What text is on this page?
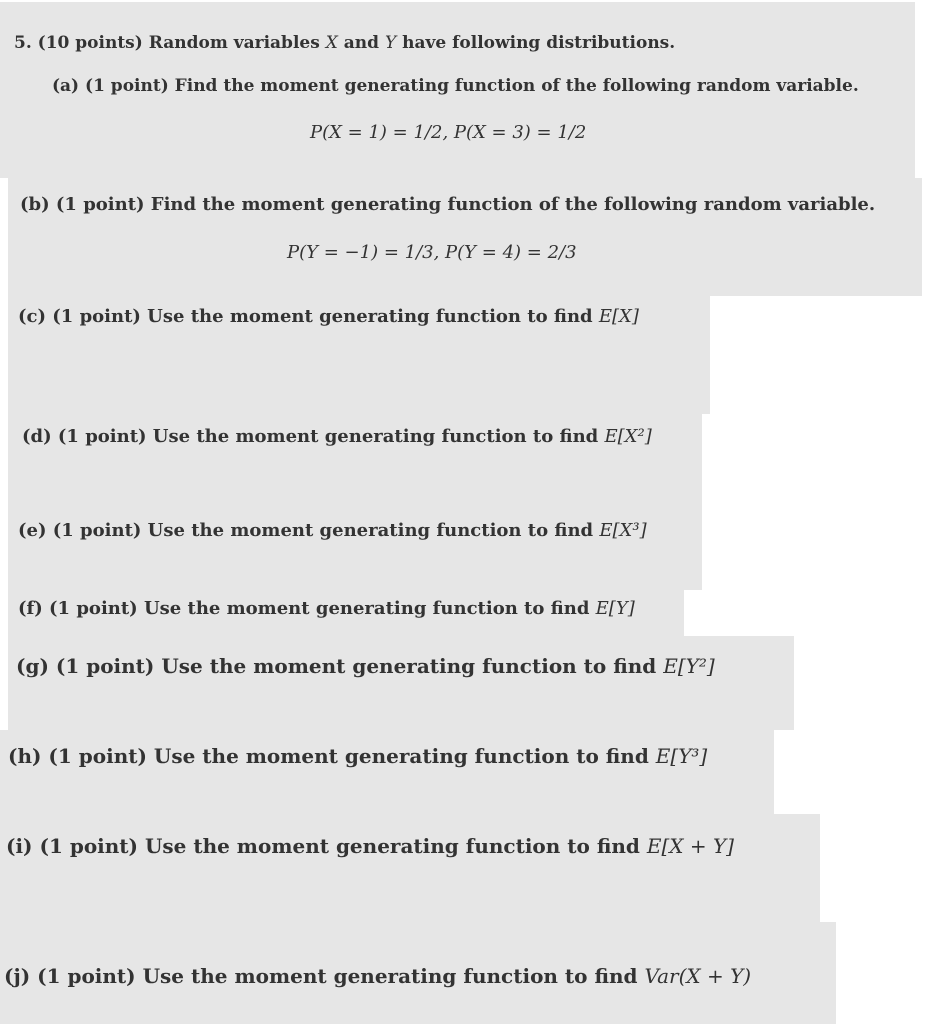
5. (10 points) Random variables X and Y have following distributions.
(a) (1 point) Find the moment generating function of the following random variable.
P(X = 1) = 1/2, P(X = 3) = 1/2
(b) (1 point) Find the moment generating function of the following random variable.
P(Y = −1) = 1/3, P(Y = 4) = 2/3
(c) (1 point) Use the moment generating function to find E[X]
(d) (1 point) Use the moment generating function to find E[X²]
(e) (1 point) Use the moment generating function to find E[X³]
(f) (1 point) Use the moment generating function to find E[Y]
(g) (1 point) Use the moment generating function to find E[Y²]
(h) (1 point) Use the moment generating function to find E[Y³]
(i) (1 point) Use the moment generating function to find E[X + Y]
(j) (1 point) Use the moment generating function to find Var(X + Y)
